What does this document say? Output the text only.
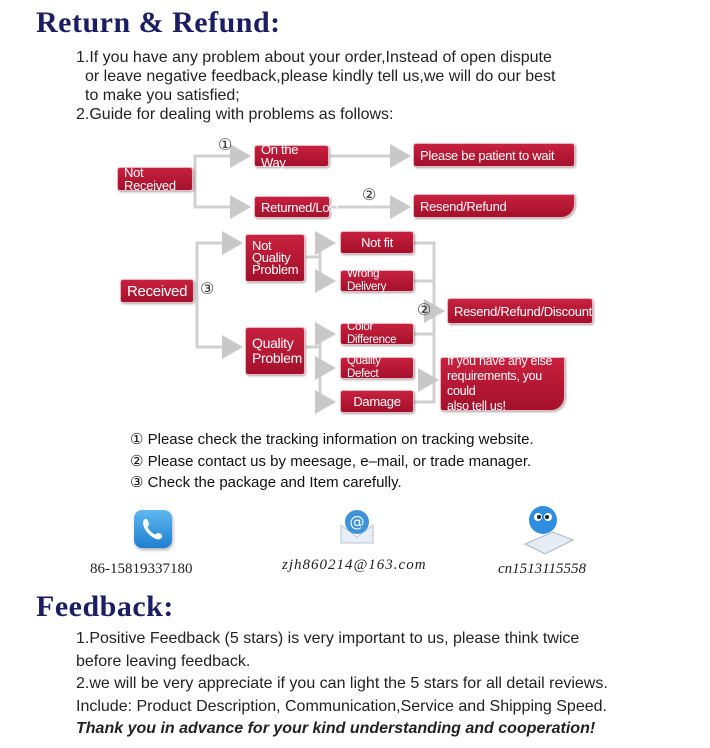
Return & Refund:
1.If you have any problem about your order,Instead of open dispute
or leave negative feedback,please kindly tell us,we will do our best
to make you satisfied;
2.Guide for dealing with problems as follows:
Not Received
①	On the Way
Returned/Lost
②
Please be patient to wait
Resend/Refund
Received ③
Not
Quality
Problem
Quality
Problem
Not fit
Wrong Delivery
Color Difference
Quality Defect
Damage
②	Resend/Refund/Discount
If you have any else
requirements, you could
also tell us!
① Please check the tracking information on tracking website.
② Please contact us by meesage, e–mail, or trade manager.
③ Check the package and Item carefully.
@
86-15819337180	zjh860214@163.com	cn1513115558
Feedback:
1.Positive Feedback (5 stars) is very important to us, please think twice
before leaving feedback.
2.we will be very appreciate if you can light the 5 stars for all detail reviews.
Include: Product Description, Communication,Service and Shipping Speed.
Thank you in advance for your kind understanding and cooperation!
